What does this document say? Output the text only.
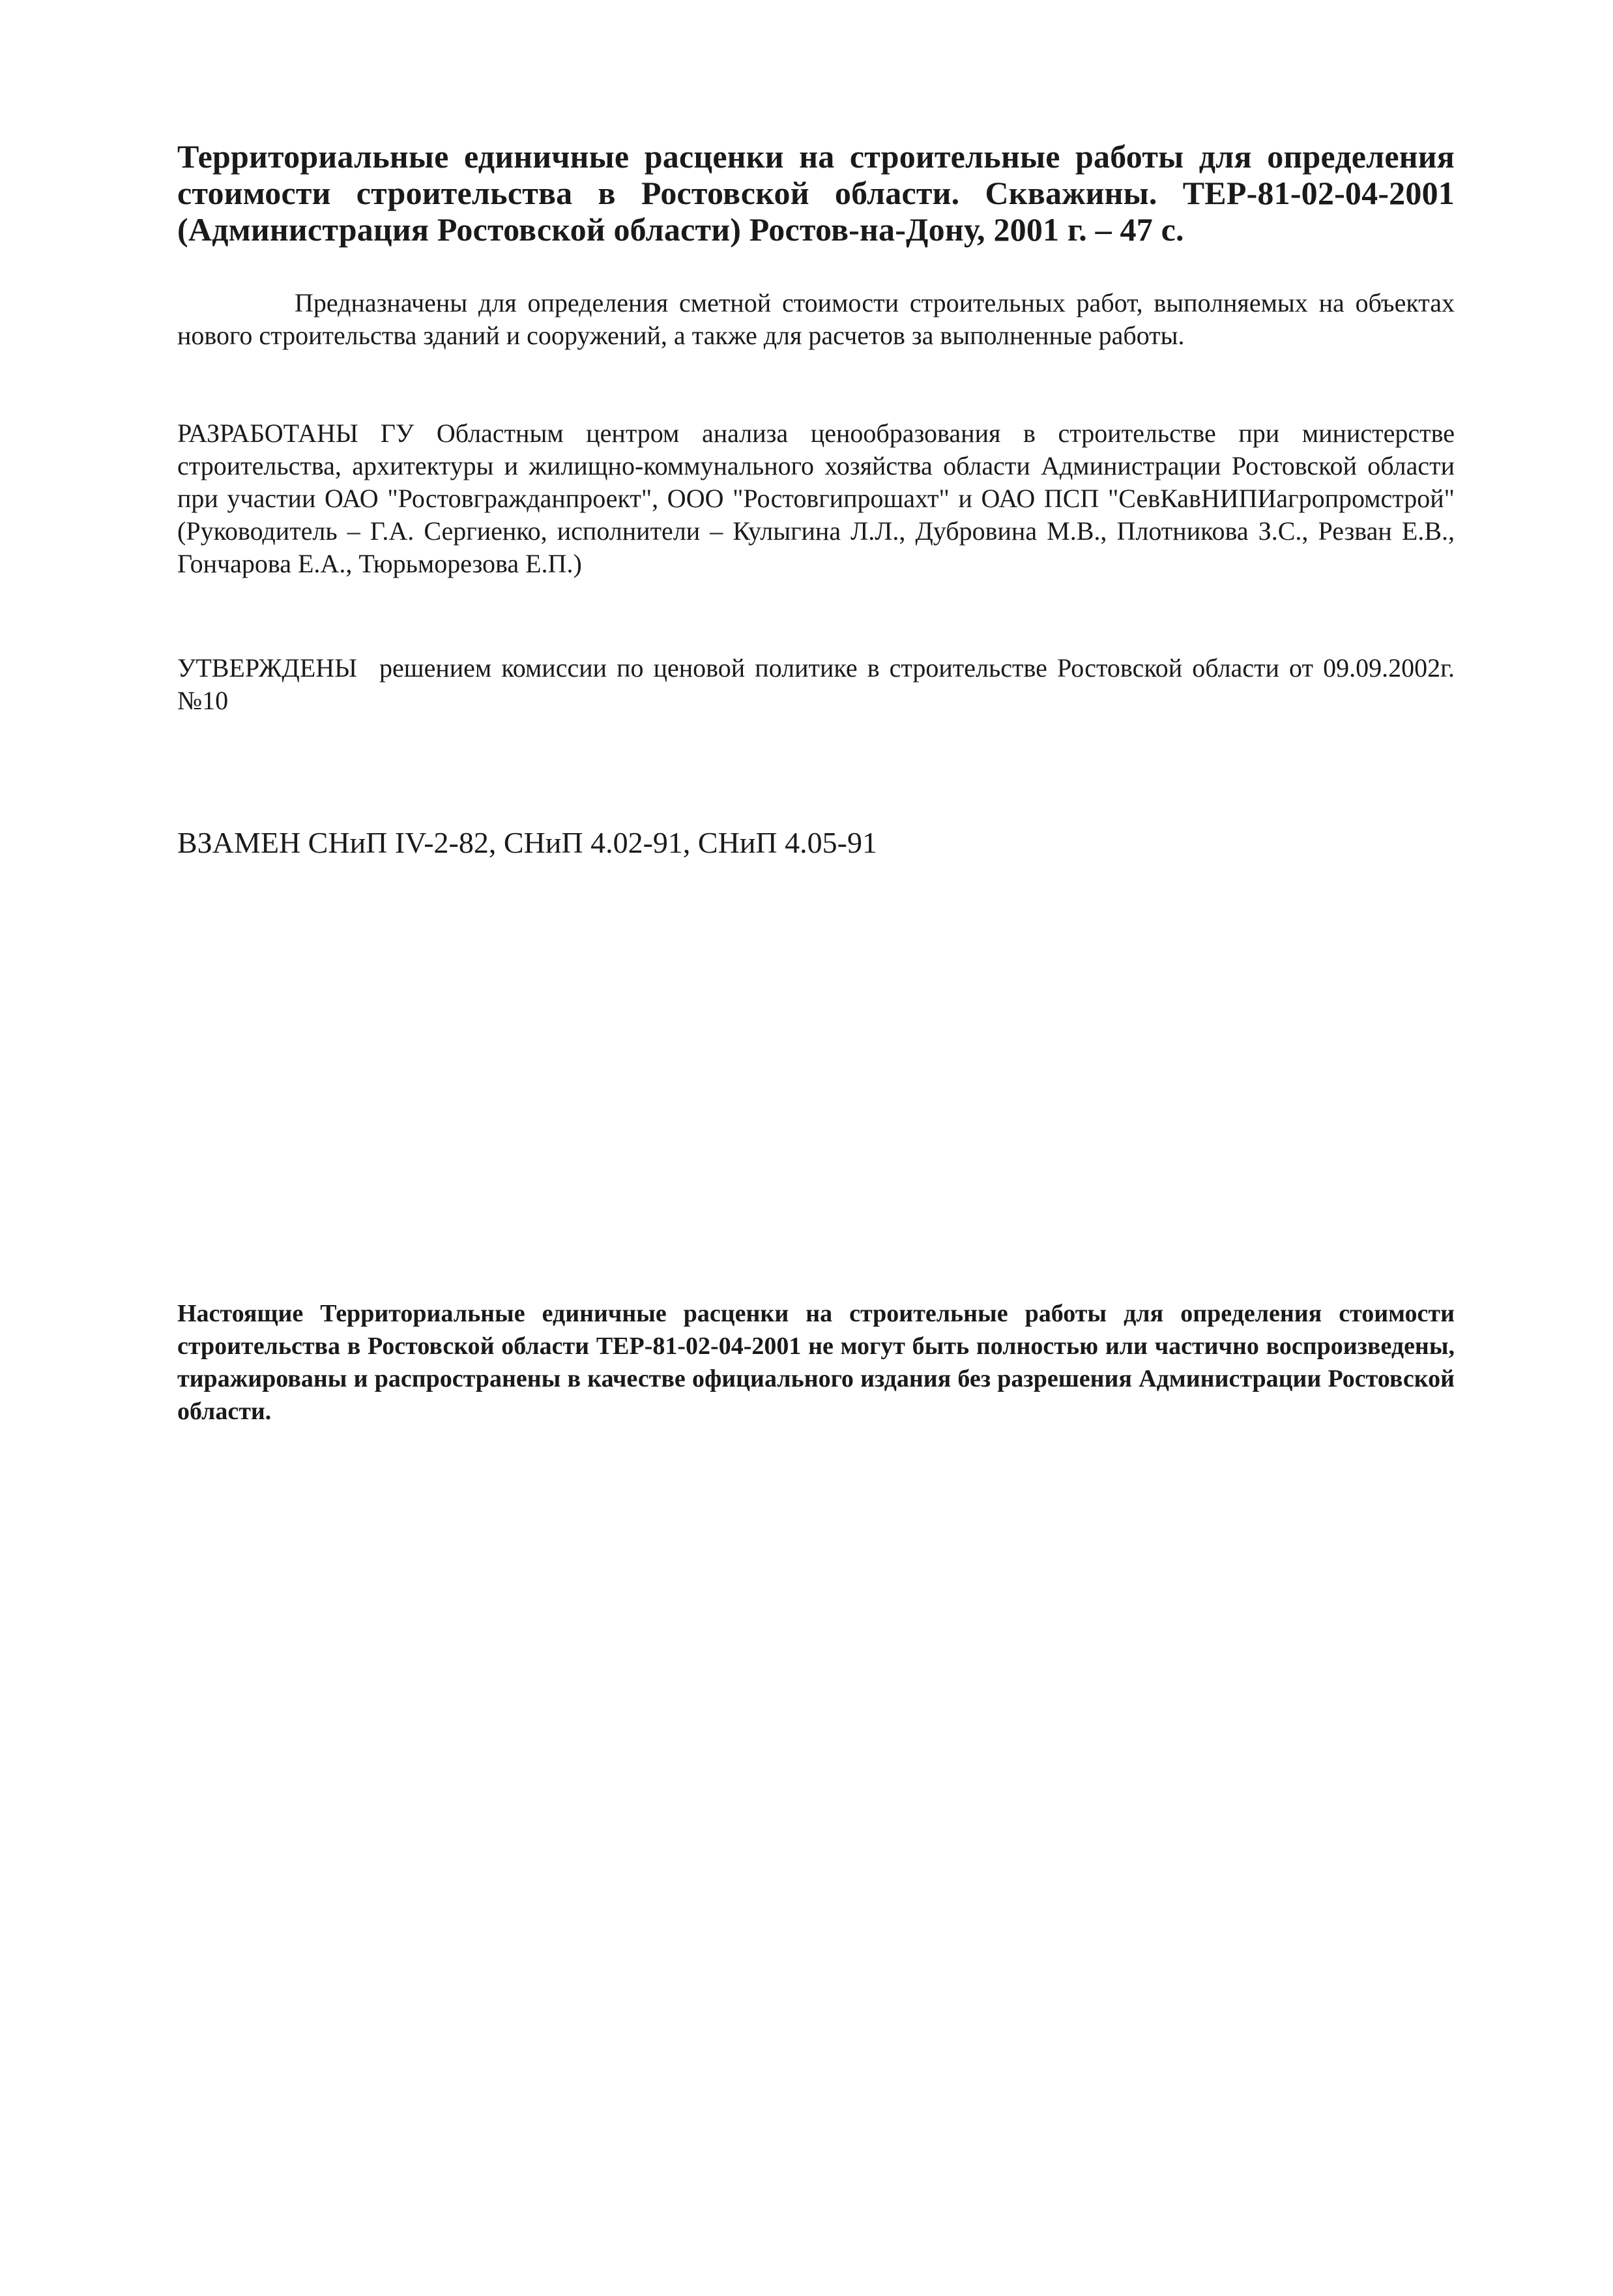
Территориальные единичные расценки на строительные работы для определения стоимости строительства в Ростовской области. Скважины. ТЕР-81-02-04-2001 (Администрация Ростовской области) Ростов-на-Дону, 2001 г. – 47 с.
Предназначены для определения сметной стоимости строительных работ, выполняемых на объектах нового строительства зданий и сооружений, а также для расчетов за выполненные работы.
РАЗРАБОТАНЫ ГУ Областным центром анализа ценообразования в строительстве при министерстве строительства, архитектуры и жилищно-коммунального хозяйства области Администрации Ростовской области при участии ОАО "Ростовгражданпроект", ООО "Ростовгипрошахт" и ОАО ПСП "СевКавНИПИагропромстрой" (Руководитель – Г.А. Сергиенко, исполнители – Кулыгина Л.Л., Дубровина М.В., Плотникова З.С., Резван Е.В., Гончарова Е.А., Тюрьморезова Е.П.)
УТВЕРЖДЕНЫ решением комиссии по ценовой политике в строительстве Ростовской области от 09.09.2002г. №10
ВЗАМЕН СНиП IV-2-82, СНиП 4.02-91, СНиП 4.05-91
Настоящие Территориальные единичные расценки на строительные работы для определения стоимости строительства в Ростовской области ТЕР-81-02-04-2001 не могут быть полностью или частично воспроизведены, тиражированы и распространены в качестве официального издания без разрешения Администрации Ростовской области.
